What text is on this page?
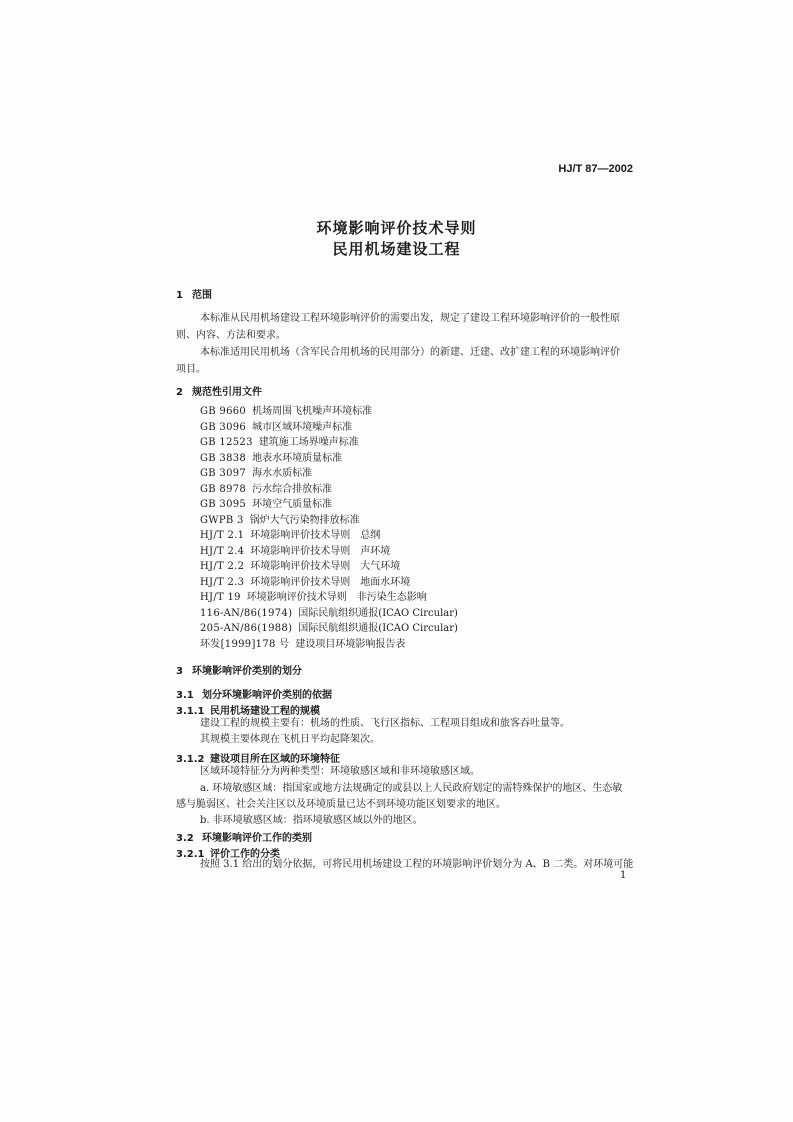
HJ/T 87—2002
环境影响评价技术导则
民用机场建设工程
1 范围
本标准从民用机场建设工程环境影响评价的需要出发，规定了建设工程环境影响评价的一般性原
则、内容、方法和要求。
本标准适用民用机场（含军民合用机场的民用部分）的新建、迁建、改扩建工程的环境影响评价
项目。
2 规范性引用文件
GB 9660 机场周围飞机噪声环境标准
GB 3096 城市区域环境噪声标准
GB 12523 建筑施工场界噪声标准
GB 3838 地表水环境质量标准
GB 3097 海水水质标准
GB 8978 污水综合排放标准
GB 3095 环境空气质量标准
GWPB 3 锅炉大气污染物排放标准
HJ/T 2.1 环境影响评价技术导则　总纲
HJ/T 2.4 环境影响评价技术导则　声环境
HJ/T 2.2 环境影响评价技术导则　大气环境
HJ/T 2.3 环境影响评价技术导则　地面水环境
HJ/T 19 环境影响评价技术导则　非污染生态影响
116-AN/86(1974) 国际民航组织通报(ICAO Circular)
205-AN/86(1988) 国际民航组织通报(ICAO Circular)
环发[1999]178 号 建设项目环境影响报告表
3 环境影响评价类别的划分
3.1 划分环境影响评价类别的依据
3.1.1 民用机场建设工程的规模
建设工程的规模主要有：机场的性质、飞行区指标、工程项目组成和旅客吞吐量等。
其规模主要体现在飞机日平均起降架次。
3.1.2 建设项目所在区域的环境特征
区域环境特征分为两种类型：环境敏感区域和非环境敏感区域。
a. 环境敏感区域：指国家或地方法规确定的或县以上人民政府划定的需特殊保护的地区、生态敏
感与脆弱区、社会关注区以及环境质量已达不到环境功能区划要求的地区。
b. 非环境敏感区域：指环境敏感区域以外的地区。
3.2 环境影响评价工作的类别
3.2.1 评价工作的分类
按照 3.1 给出的划分依据，可将民用机场建设工程的环境影响评价划分为 A、B 二类。对环境可能
1
